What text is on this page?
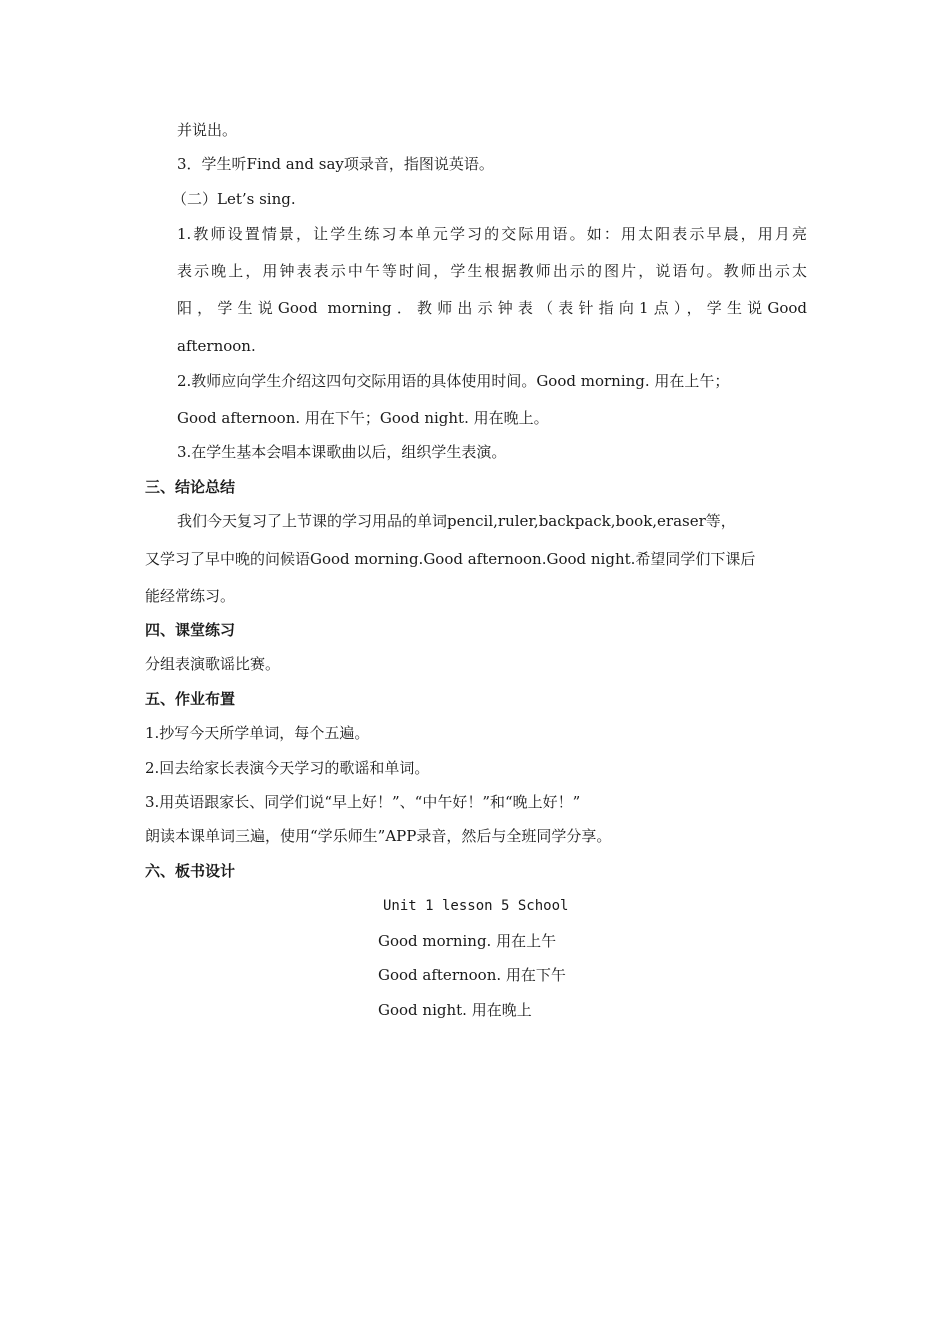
并说出。
3．学生听Find and say项录音，指图说英语。
（二）Let’s sing.
1.教师设置情景，让学生练习本单元学习的交际用语。如：用太阳表示早晨，用月亮
表示晚上，用钟表表示中午等时间，学生根据教师出示的图片，说语句。教师出示太
阳，学生说Good morning．教师出示钟表（表针指向1点），学生说Good
afternoon.
2.教师应向学生介绍这四句交际用语的具体使用时间。Good morning. 用在上午；
Good afternoon. 用在下午；Good night. 用在晚上。
3.在学生基本会唱本课歌曲以后，组织学生表演。
三、结论总结
我们今天复习了上节课的学习用品的单词pencil,ruler,backpack,book,eraser等，
又学习了早中晚的问候语Good morning.Good afternoon.Good night.希望同学们下课后
能经常练习。
四、课堂练习
分组表演歌谣比赛。
五、作业布置
1.抄写今天所学单词，每个五遍。
2.回去给家长表演今天学习的歌谣和单词。
3.用英语跟家长、同学们说“早上好！”、“中午好！”和“晚上好！”
朗读本课单词三遍，使用“学乐师生”APP录音，然后与全班同学分享。
六、板书设计
Unit 1 lesson 5 School
Good morning. 用在上午
Good afternoon. 用在下午
Good night. 用在晚上
